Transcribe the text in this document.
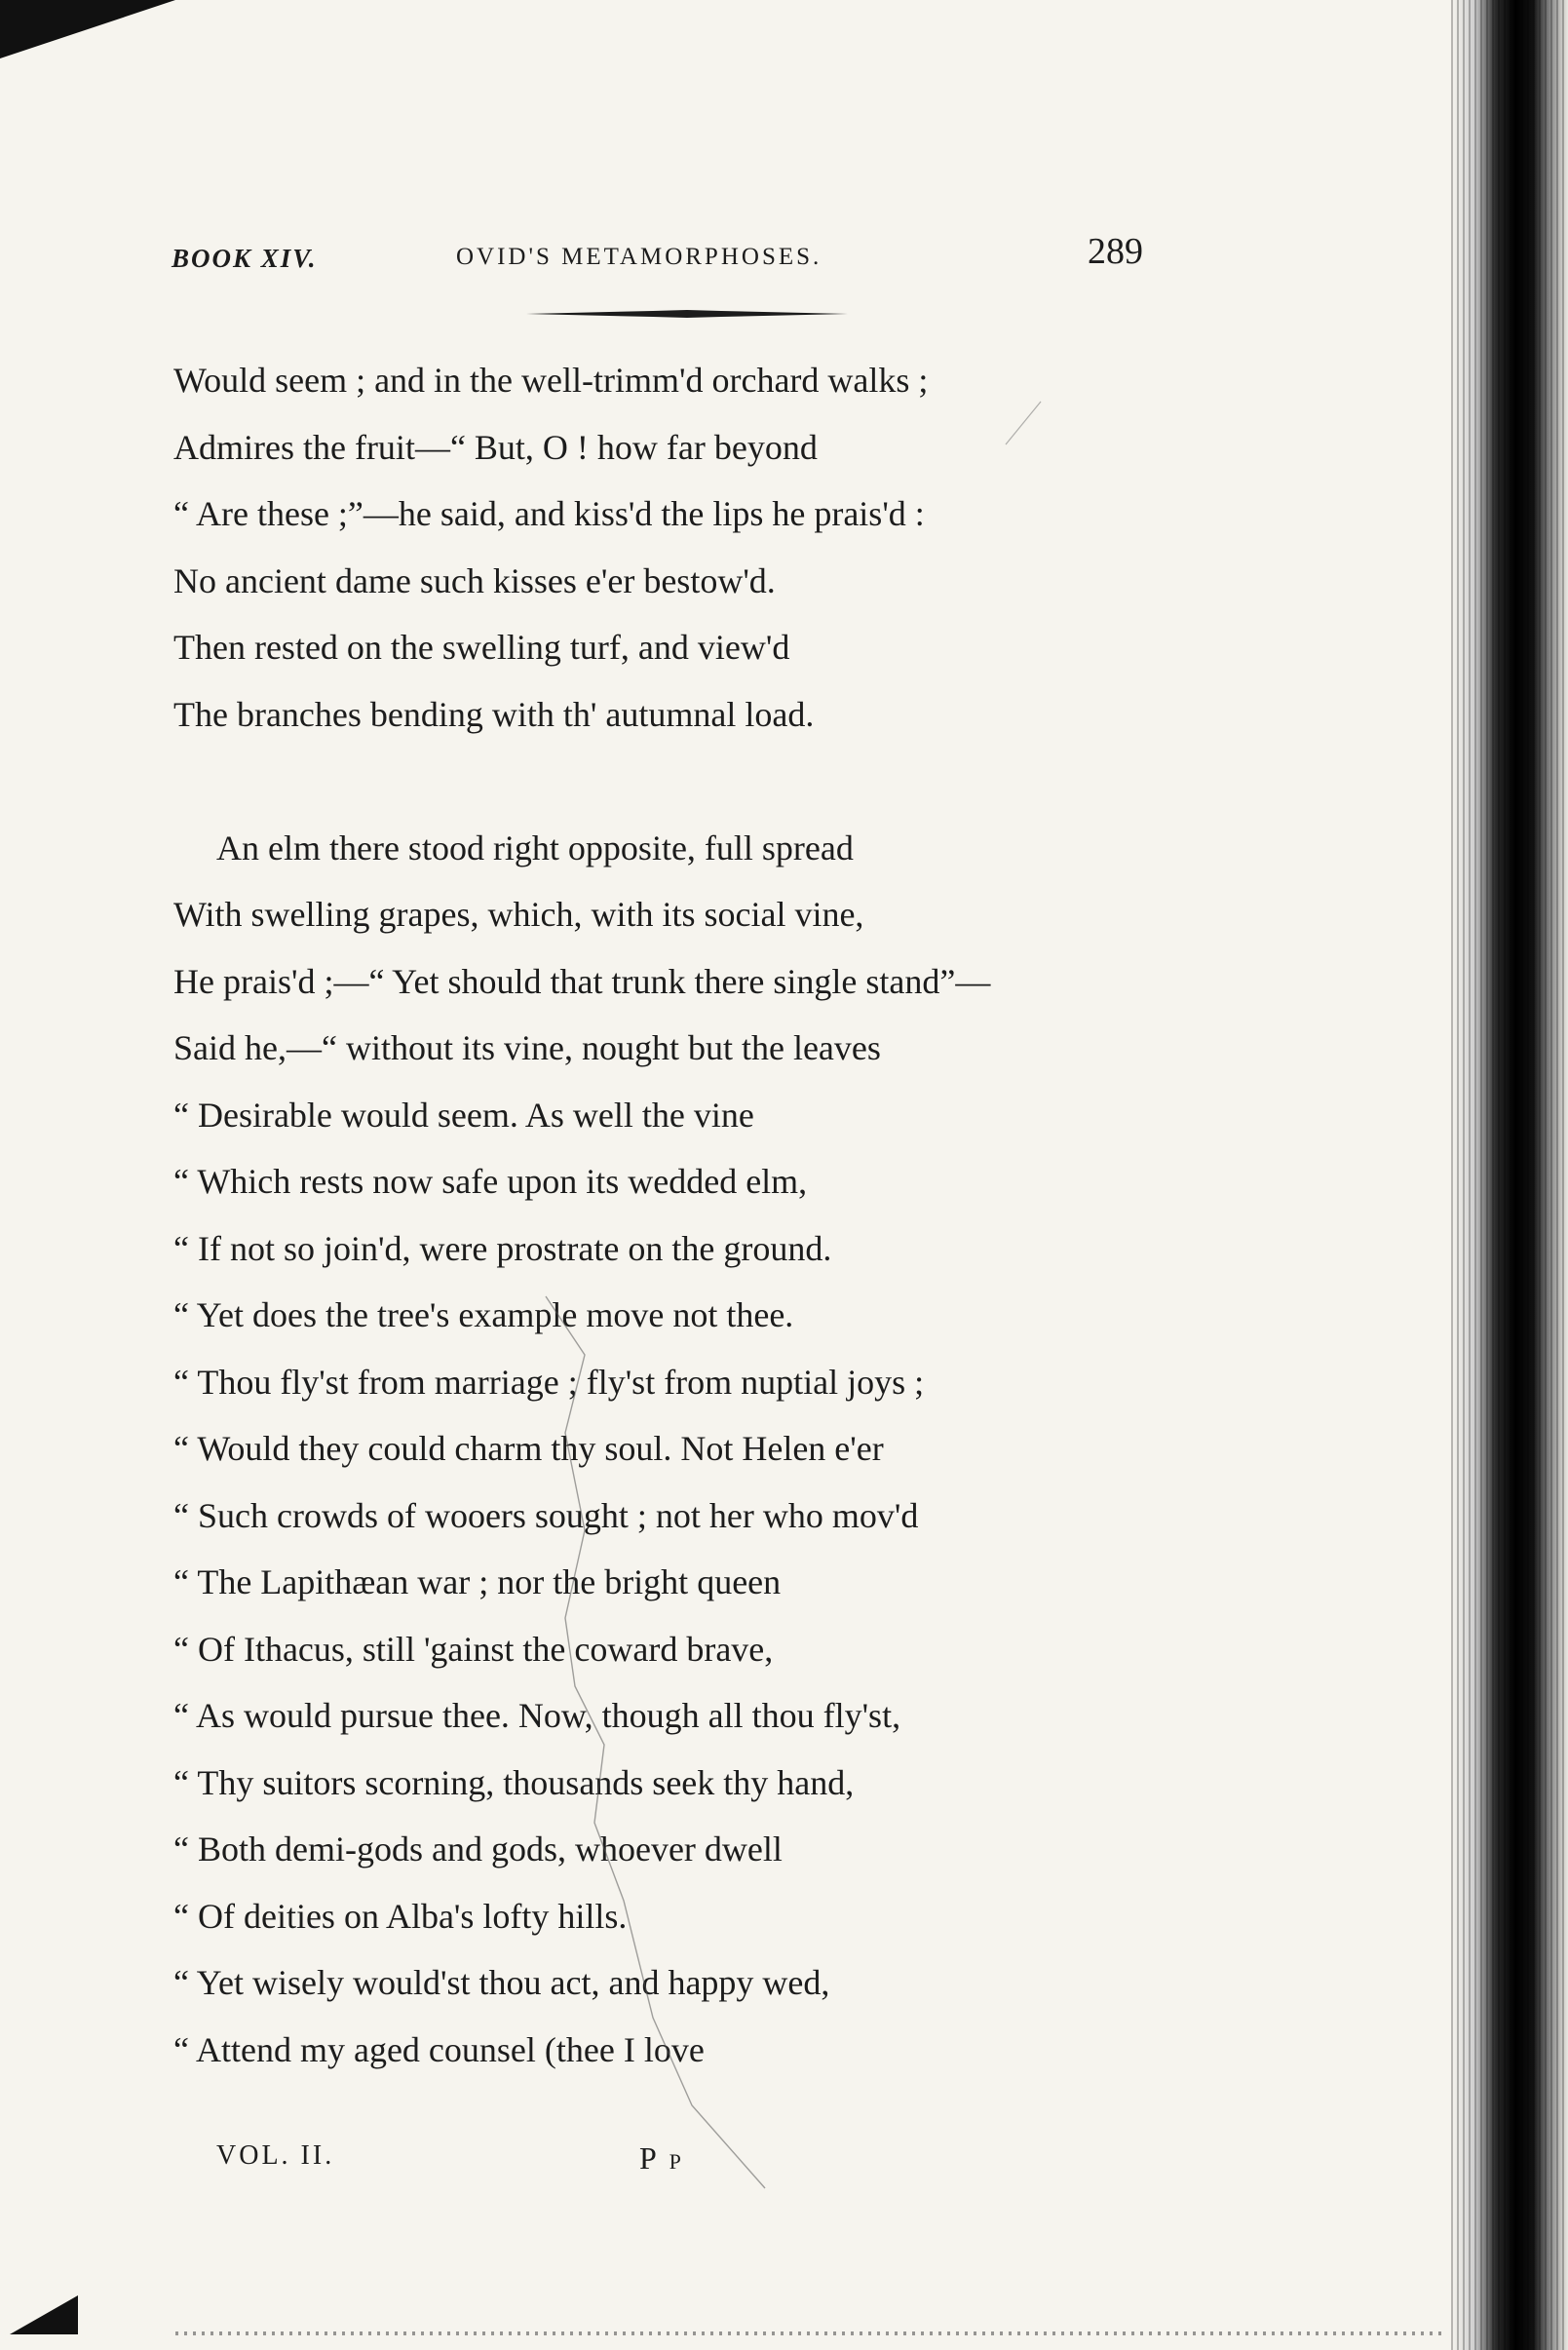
BOOK XIV.	OVID'S METAMORPHOSES.	289
Would seem ; and in the well-trimm'd orchard walks ;
Admires the fruit—“ But, O ! how far beyond
“ Are these ;”—he said, and kiss'd the lips he prais'd :
No ancient dame such kisses e'er bestow'd.
Then rested on the swelling turf, and view'd
The branches bending with th' autumnal load.
An elm there stood right opposite, full spread
With swelling grapes, which, with its social vine,
He prais'd ;—“ Yet should that trunk there single stand”—
Said he,—“ without its vine, nought but the leaves
“ Desirable would seem. As well the vine
“ Which rests now safe upon its wedded elm,
“ If not so join'd, were prostrate on the ground.
“ Yet does the tree's example move not thee.
“ Thou fly'st from marriage ; fly'st from nuptial joys ;
“ Would they could charm thy soul. Not Helen e'er
“ Such crowds of wooers sought ; not her who mov'd
“ The Lapithæan war ; nor the bright queen
“ Of Ithacus, still 'gainst the coward brave,
“ As would pursue thee. Now, though all thou fly'st,
“ Thy suitors scorning, thousands seek thy hand,
“ Both demi-gods and gods, whoever dwell
“ Of deities on Alba's lofty hills.
“ Yet wisely would'st thou act, and happy wed,
“ Attend my aged counsel (thee I love
VOL. II.	P p
